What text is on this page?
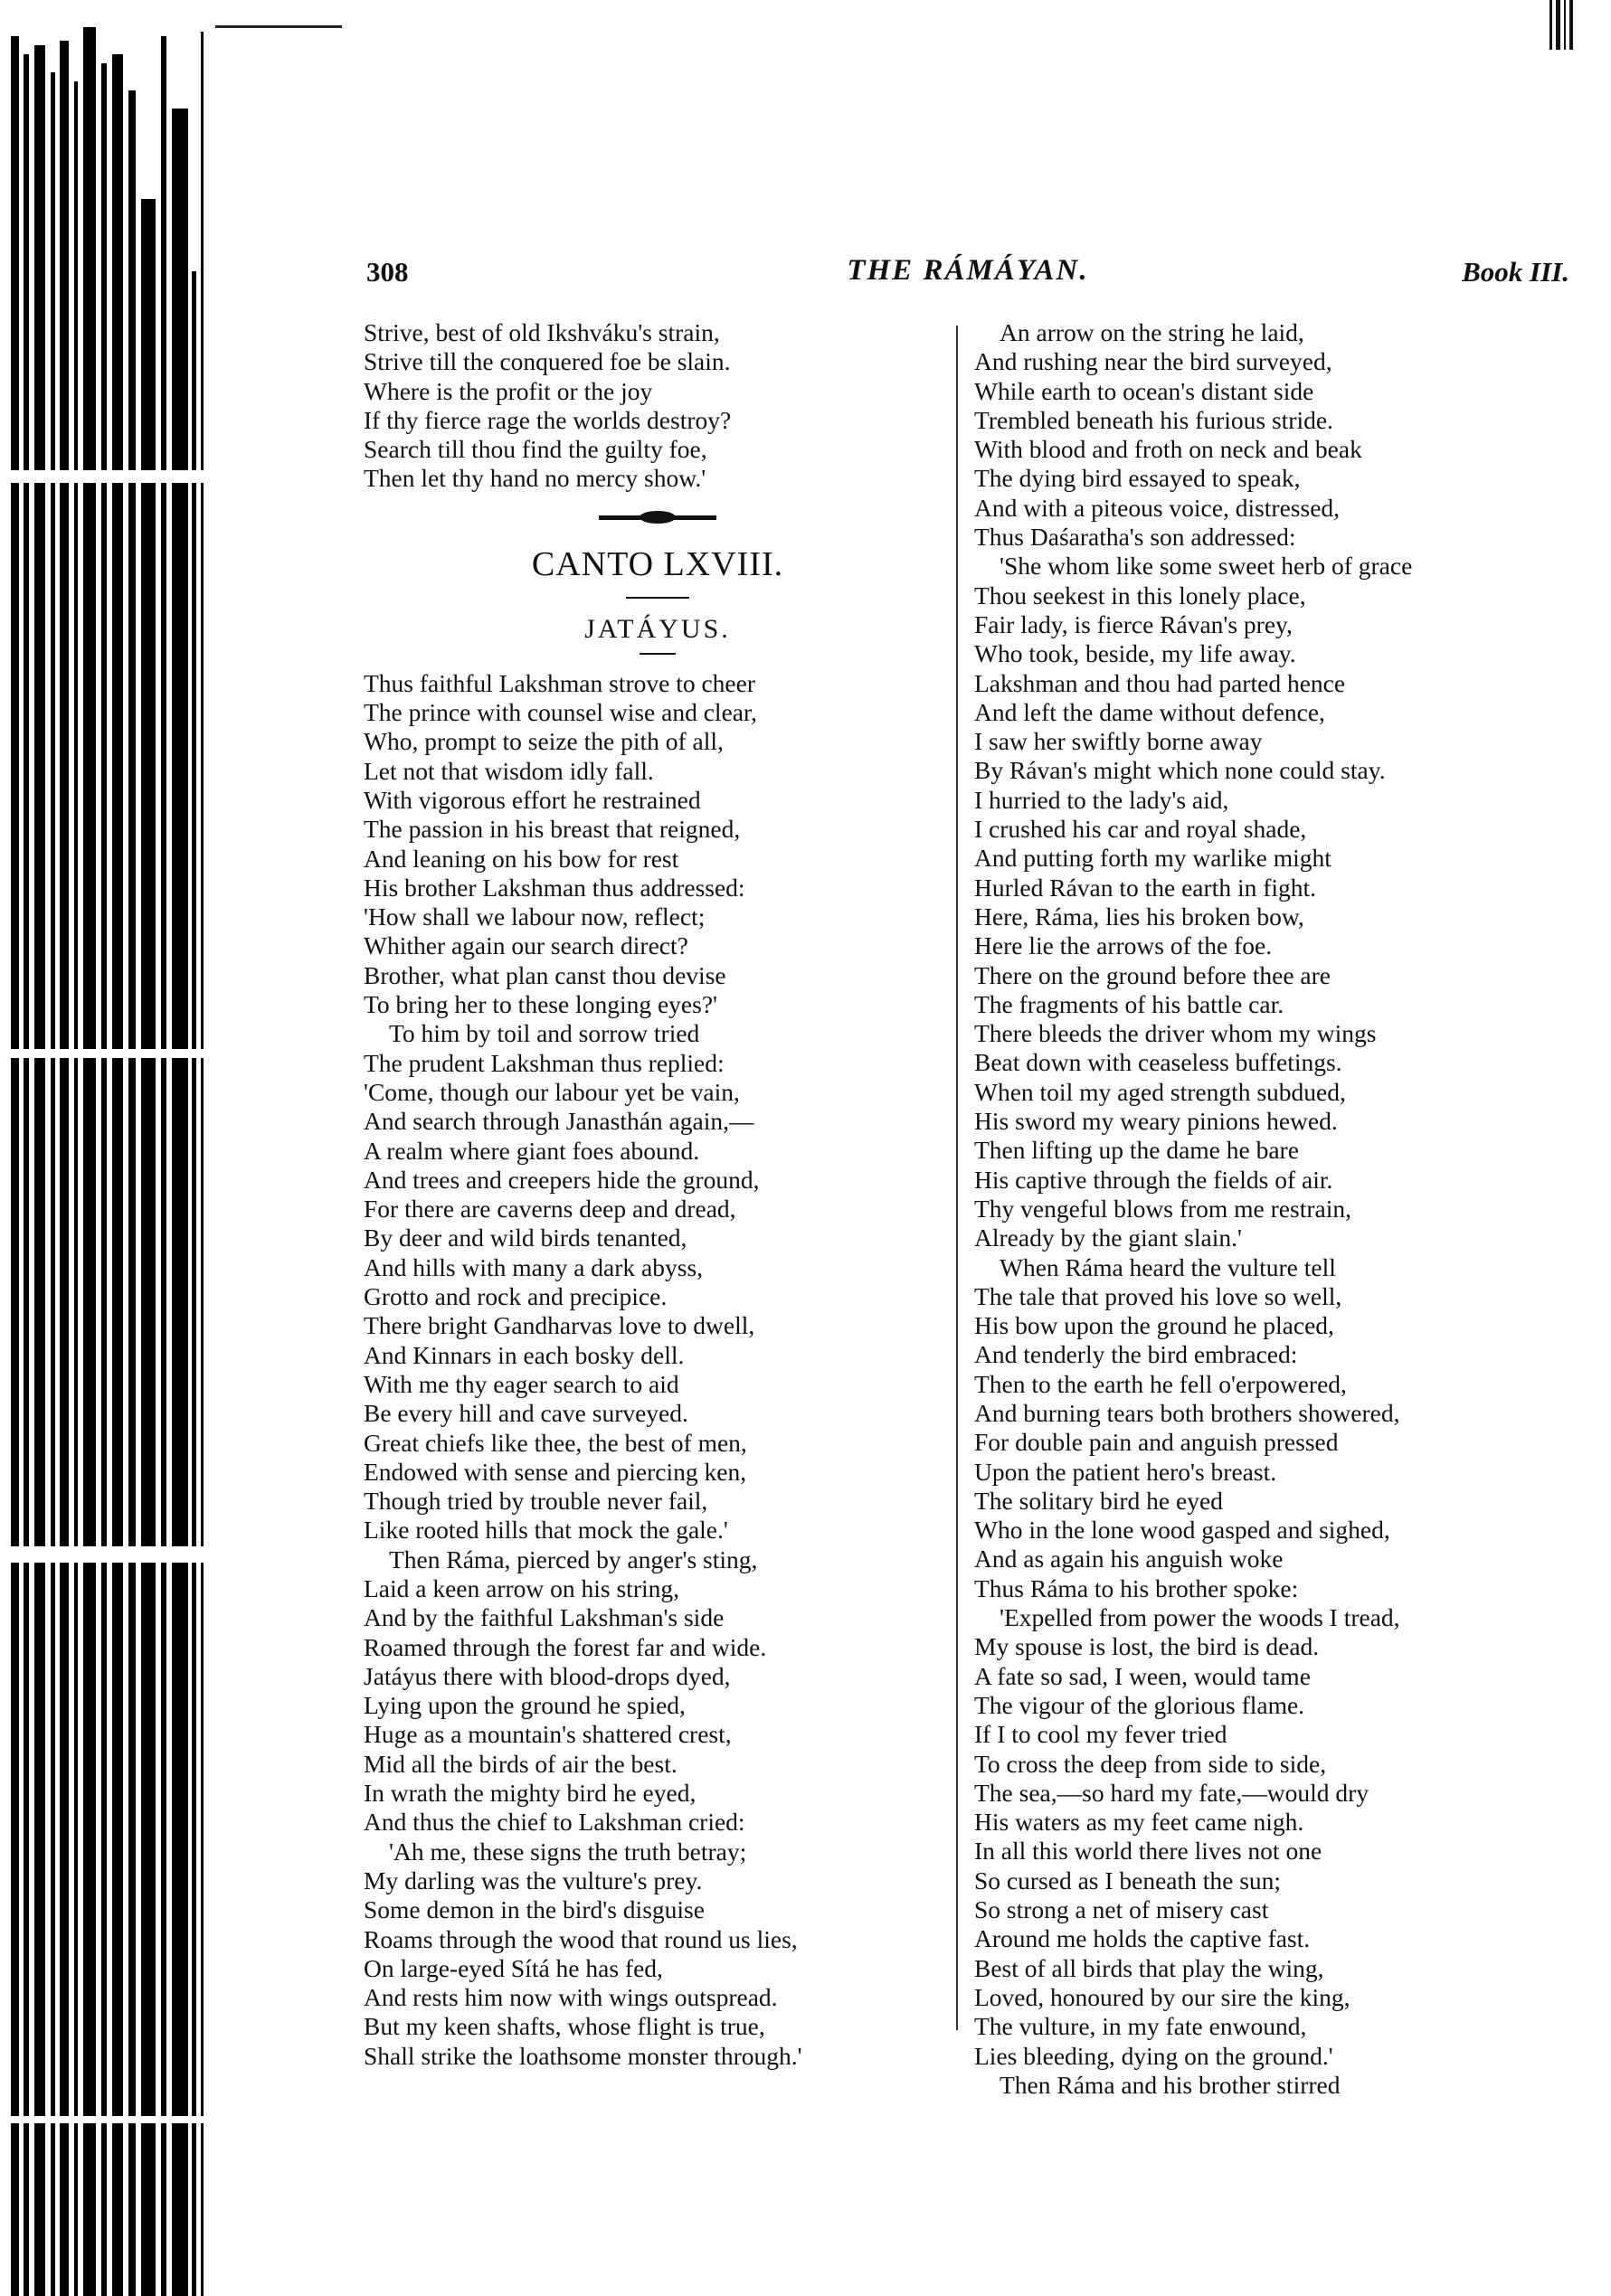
308	THE RÁMÁYAN.	Book III.
Strive, best of old Ikshváku's strain,
Strive till the conquered foe be slain.
Where is the profit or the joy
If thy fierce rage the worlds destroy?
Search till thou find the guilty foe,
Then let thy hand no mercy show.'
CANTO LXVIII.
JATÁYUS.
Thus faithful Lakshman strove to cheer
The prince with counsel wise and clear,
Who, prompt to seize the pith of all,
Let not that wisdom idly fall.
With vigorous effort he restrained
The passion in his breast that reigned,
And leaning on his bow for rest
His brother Lakshman thus addressed:
'How shall we labour now, reflect;
Whither again our search direct?
Brother, what plan canst thou devise
To bring her to these longing eyes?'
To him by toil and sorrow tried
The prudent Lakshman thus replied:
'Come, though our labour yet be vain,
And search through Janasthán again,—
A realm where giant foes abound.
And trees and creepers hide the ground,
For there are caverns deep and dread,
By deer and wild birds tenanted,
And hills with many a dark abyss,
Grotto and rock and precipice.
There bright Gandharvas love to dwell,
And Kinnars in each bosky dell.
With me thy eager search to aid
Be every hill and cave surveyed.
Great chiefs like thee, the best of men,
Endowed with sense and piercing ken,
Though tried by trouble never fail,
Like rooted hills that mock the gale.'
Then Ráma, pierced by anger's sting,
Laid a keen arrow on his string,
And by the faithful Lakshman's side
Roamed through the forest far and wide.
Jatáyus there with blood-drops dyed,
Lying upon the ground he spied,
Huge as a mountain's shattered crest,
Mid all the birds of air the best.
In wrath the mighty bird he eyed,
And thus the chief to Lakshman cried:
'Ah me, these signs the truth betray;
My darling was the vulture's prey.
Some demon in the bird's disguise
Roams through the wood that round us lies,
On large-eyed Sítá he has fed,
And rests him now with wings outspread.
But my keen shafts, whose flight is true,
Shall strike the loathsome monster through.'
An arrow on the string he laid,
And rushing near the bird surveyed,
While earth to ocean's distant side
Trembled beneath his furious stride.
With blood and froth on neck and beak
The dying bird essayed to speak,
And with a piteous voice, distressed,
Thus Daśaratha's son addressed:
'She whom like some sweet herb of grace
Thou seekest in this lonely place,
Fair lady, is fierce Rávan's prey,
Who took, beside, my life away.
Lakshman and thou had parted hence
And left the dame without defence,
I saw her swiftly borne away
By Rávan's might which none could stay.
I hurried to the lady's aid,
I crushed his car and royal shade,
And putting forth my warlike might
Hurled Rávan to the earth in fight.
Here, Ráma, lies his broken bow,
Here lie the arrows of the foe.
There on the ground before thee are
The fragments of his battle car.
There bleeds the driver whom my wings
Beat down with ceaseless buffetings.
When toil my aged strength subdued,
His sword my weary pinions hewed.
Then lifting up the dame he bare
His captive through the fields of air.
Thy vengeful blows from me restrain,
Already by the giant slain.'
When Ráma heard the vulture tell
The tale that proved his love so well,
His bow upon the ground he placed,
And tenderly the bird embraced:
Then to the earth he fell o'erpowered,
And burning tears both brothers showered,
For double pain and anguish pressed
Upon the patient hero's breast.
The solitary bird he eyed
Who in the lone wood gasped and sighed,
And as again his anguish woke
Thus Ráma to his brother spoke:
'Expelled from power the woods I tread,
My spouse is lost, the bird is dead.
A fate so sad, I ween, would tame
The vigour of the glorious flame.
If I to cool my fever tried
To cross the deep from side to side,
The sea,—so hard my fate,—would dry
His waters as my feet came nigh.
In all this world there lives not one
So cursed as I beneath the sun;
So strong a net of misery cast
Around me holds the captive fast.
Best of all birds that play the wing,
Loved, honoured by our sire the king,
The vulture, in my fate enwound,
Lies bleeding, dying on the ground.'
Then Ráma and his brother stirred
